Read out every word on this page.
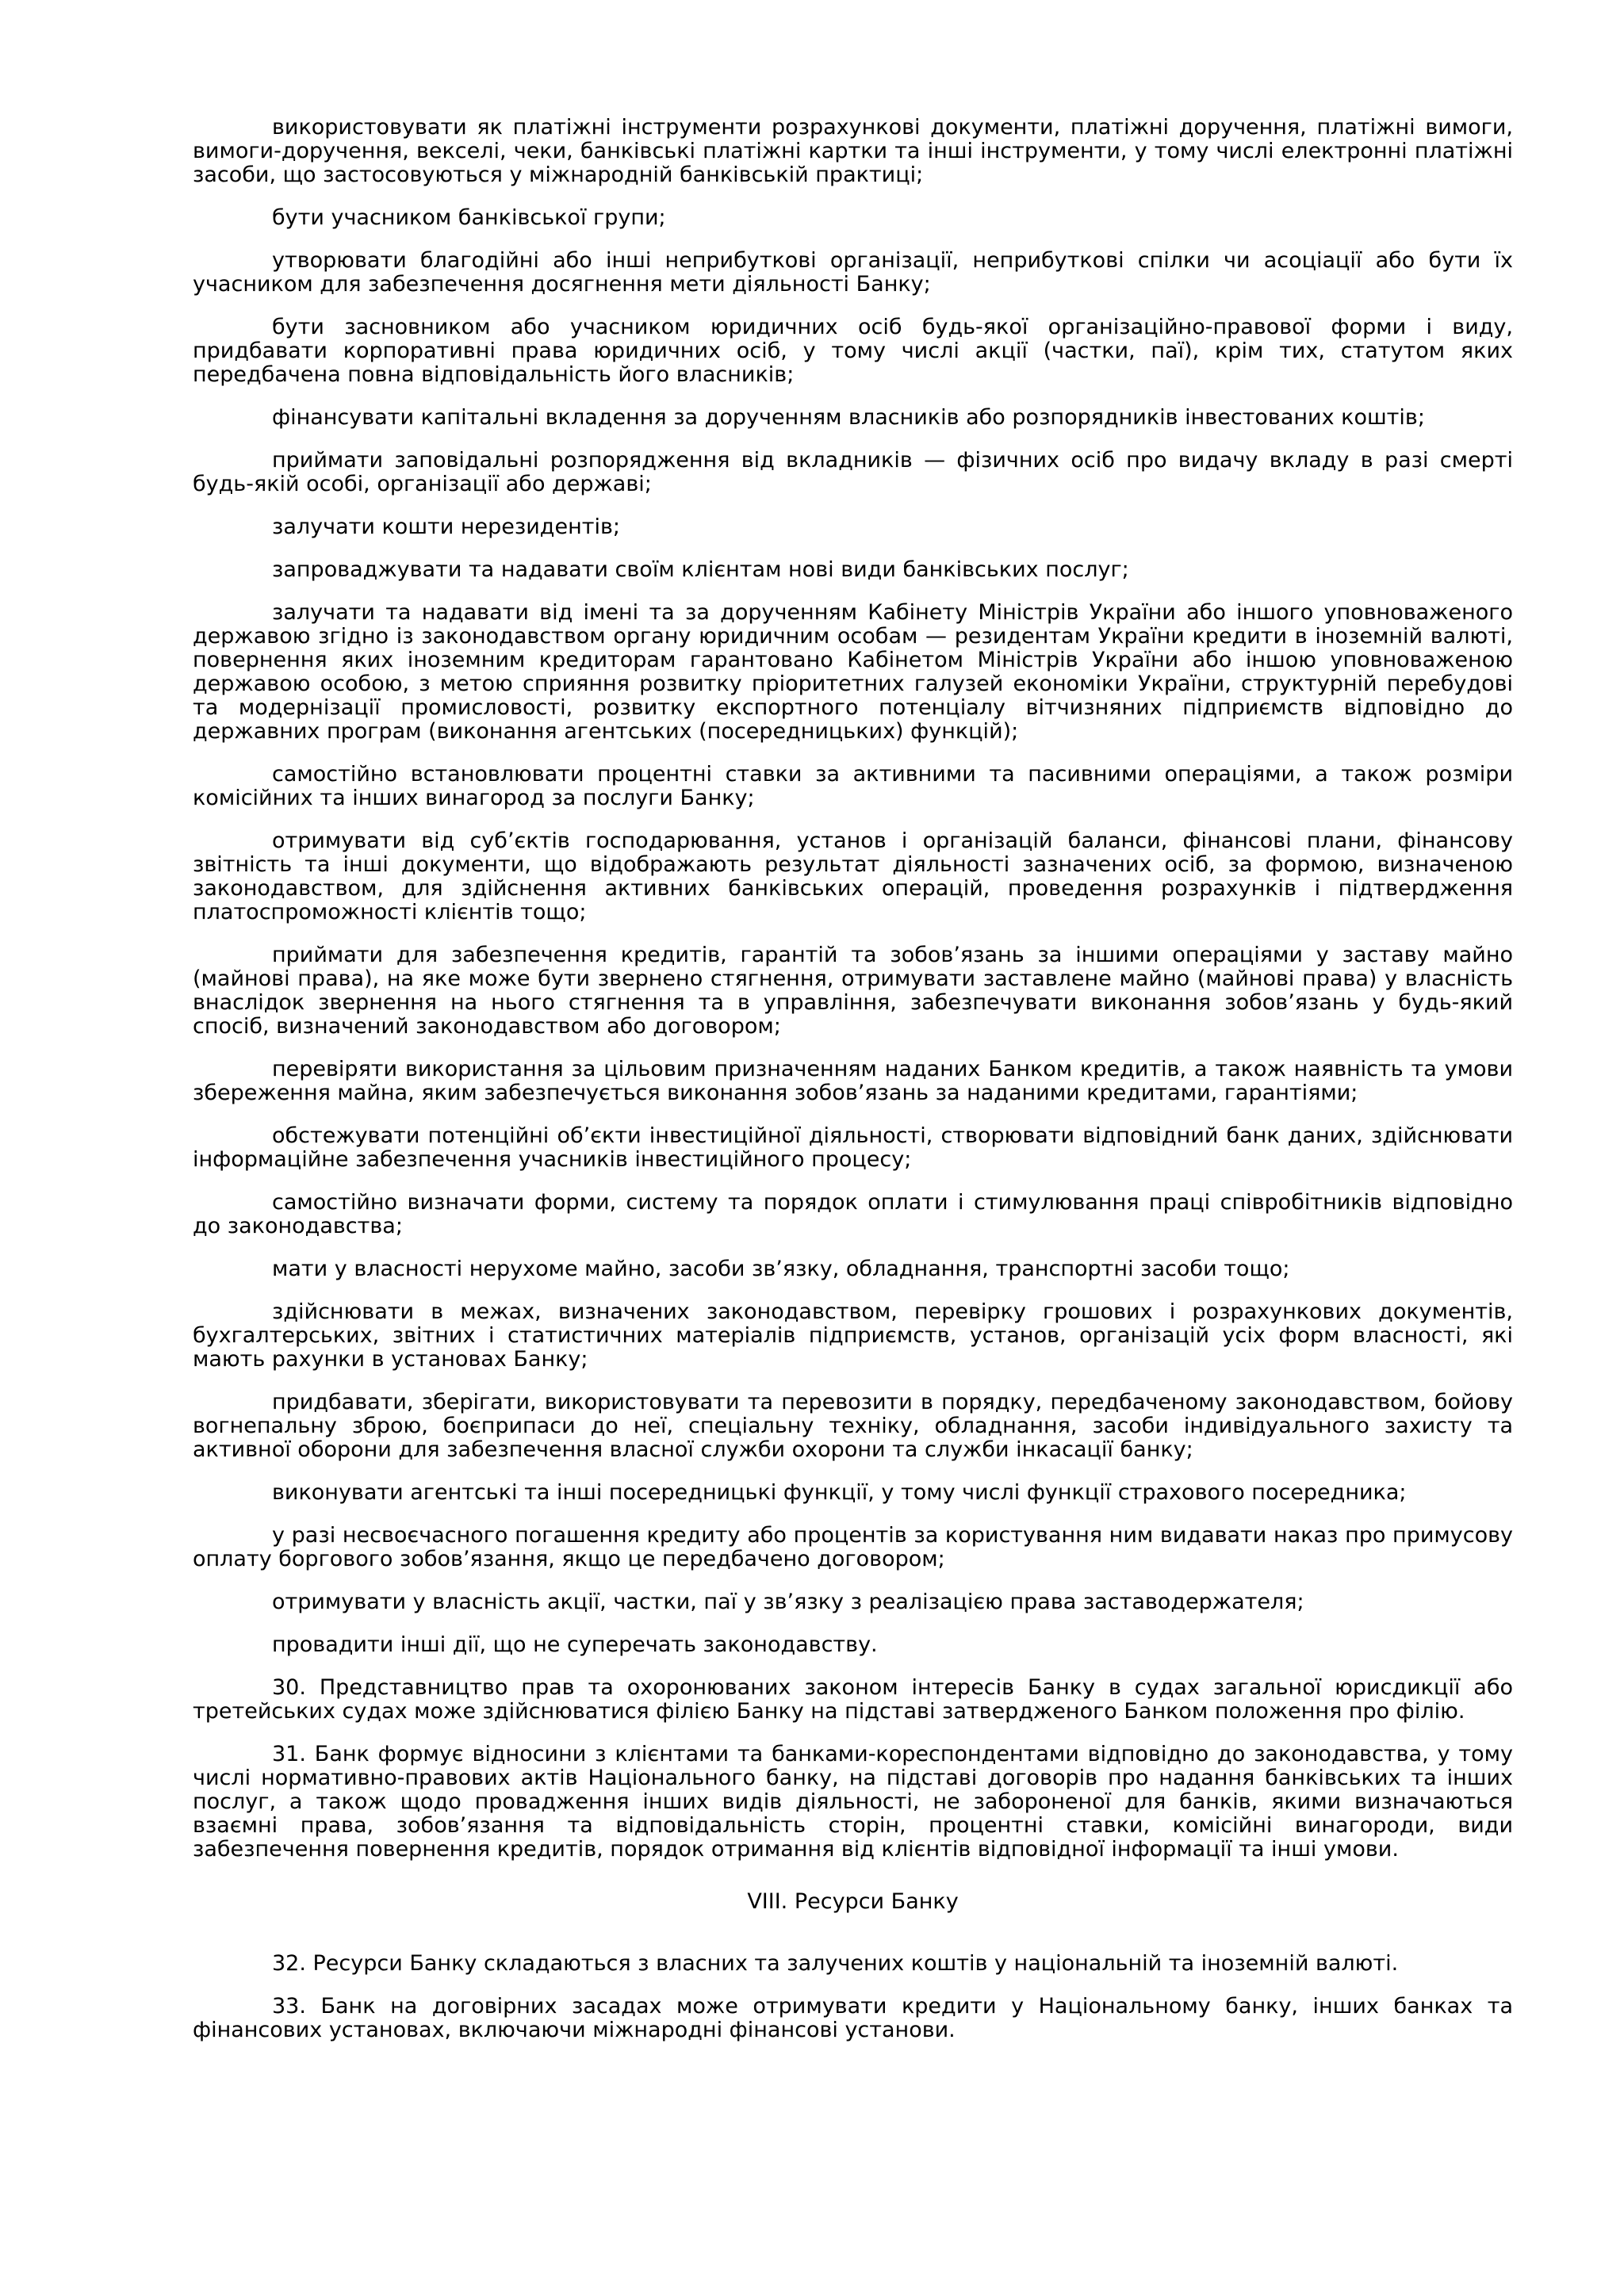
використовувати як платіжні інструменти розрахункові документи, платіжні доручення, платіжні вимоги, вимоги-доручення, векселі, чеки, банківські платіжні картки та інші інструменти, у тому числі електронні платіжні засоби, що застосовуються у міжнародній банківській практиці;

бути учасником банківської групи;

утворювати благодійні або інші неприбуткові організації, неприбуткові спілки чи асоціації або бути їх учасником для забезпечення досягнення мети діяльності Банку;

бути засновником або учасником юридичних осіб будь-якої організаційно-правової форми і виду, придбавати корпоративні права юридичних осіб, у тому числі акції (частки, паї), крім тих, статутом яких передбачена повна відповідальність його власників;

фінансувати капітальні вкладення за дорученням власників або розпорядників інвестованих коштів;

приймати заповідальні розпорядження від вкладників — фізичних осіб про видачу вкладу в разі смерті будь-якій особі, організації або державі;

залучати кошти нерезидентів;

запроваджувати та надавати своїм клієнтам нові види банківських послуг;

залучати та надавати від імені та за дорученням Кабінету Міністрів України або іншого уповноваженого державою згідно із законодавством органу юридичним особам — резидентам України кредити в іноземній валюті, повернення яких іноземним кредиторам гарантовано Кабінетом Міністрів України або іншою уповноваженою державою особою, з метою сприяння розвитку пріоритетних галузей економіки України, структурній перебудові та модернізації промисловості, розвитку експортного потенціалу вітчизняних підприємств відповідно до державних програм (виконання агентських (посередницьких) функцій);

самостійно встановлювати процентні ставки за активними та пасивними операціями, а також розміри комісійних та інших винагород за послуги Банку;

отримувати від суб’єктів господарювання, установ і організацій баланси, фінансові плани, фінансову звітність та інші документи, що відображають результат діяльності зазначених осіб, за формою, визначеною законодавством, для здійснення активних банківських операцій, проведення розрахунків і підтвердження платоспроможності клієнтів тощо;

приймати для забезпечення кредитів, гарантій та зобов’язань за іншими операціями у заставу майно (майнові права), на яке може бути звернено стягнення, отримувати заставлене майно (майнові права) у власність внаслідок звернення на нього стягнення та в управління, забезпечувати виконання зобов’язань у будь-який спосіб, визначений законодавством або договором;

перевіряти використання за цільовим призначенням наданих Банком кредитів, а також наявність та умови збереження майна, яким забезпечується виконання зобов’язань за наданими кредитами, гарантіями;

обстежувати потенційні об’єкти інвестиційної діяльності, створювати відповідний банк даних, здійснювати інформаційне забезпечення учасників інвестиційного процесу;

самостійно визначати форми, систему та порядок оплати і стимулювання праці співробітників відповідно до законодавства;

мати у власності нерухоме майно, засоби зв’язку, обладнання, транспортні засоби тощо;

здійснювати в межах, визначених законодавством, перевірку грошових і розрахункових документів, бухгалтерських, звітних і статистичних матеріалів підприємств, установ, організацій усіх форм власності, які мають рахунки в установах Банку;

придбавати, зберігати, використовувати та перевозити в порядку, передбаченому законодавством, бойову вогнепальну зброю, боєприпаси до неї, спеціальну техніку, обладнання, засоби індивідуального захисту та активної оборони для забезпечення власної служби охорони та служби інкасації банку;

виконувати агентські та інші посередницькі функції, у тому числі функції страхового посередника;

у разі несвоєчасного погашення кредиту або процентів за користування ним видавати наказ про примусову оплату боргового зобов’язання, якщо це передбачено договором;

отримувати у власність акції, частки, паї у зв’язку з реалізацією права заставодержателя;

провадити інші дії, що не суперечать законодавству.

30. Представництво прав та охоронюваних законом інтересів Банку в судах загальної юрисдикції або третейських судах може здійснюватися філією Банку на підставі затвердженого Банком положення про філію.

31. Банк формує відносини з клієнтами та банками-кореспондентами відповідно до законодавства, у тому числі нормативно-правових актів Національного банку, на підставі договорів про надання банківських та інших послуг, а також щодо провадження інших видів діяльності, не забороненої для банків, якими визначаються взаємні права, зобов’язання та відповідальність сторін, процентні ставки, комісійні винагороди, види забезпечення повернення кредитів, порядок отримання від клієнтів відповідної інформації та інші умови.

VIII. Ресурси Банку

32. Ресурси Банку складаються з власних та залучених коштів у національній та іноземній валюті.

33. Банк на договірних засадах може отримувати кредити у Національному банку, інших банках та фінансових установах, включаючи міжнародні фінансові установи.
